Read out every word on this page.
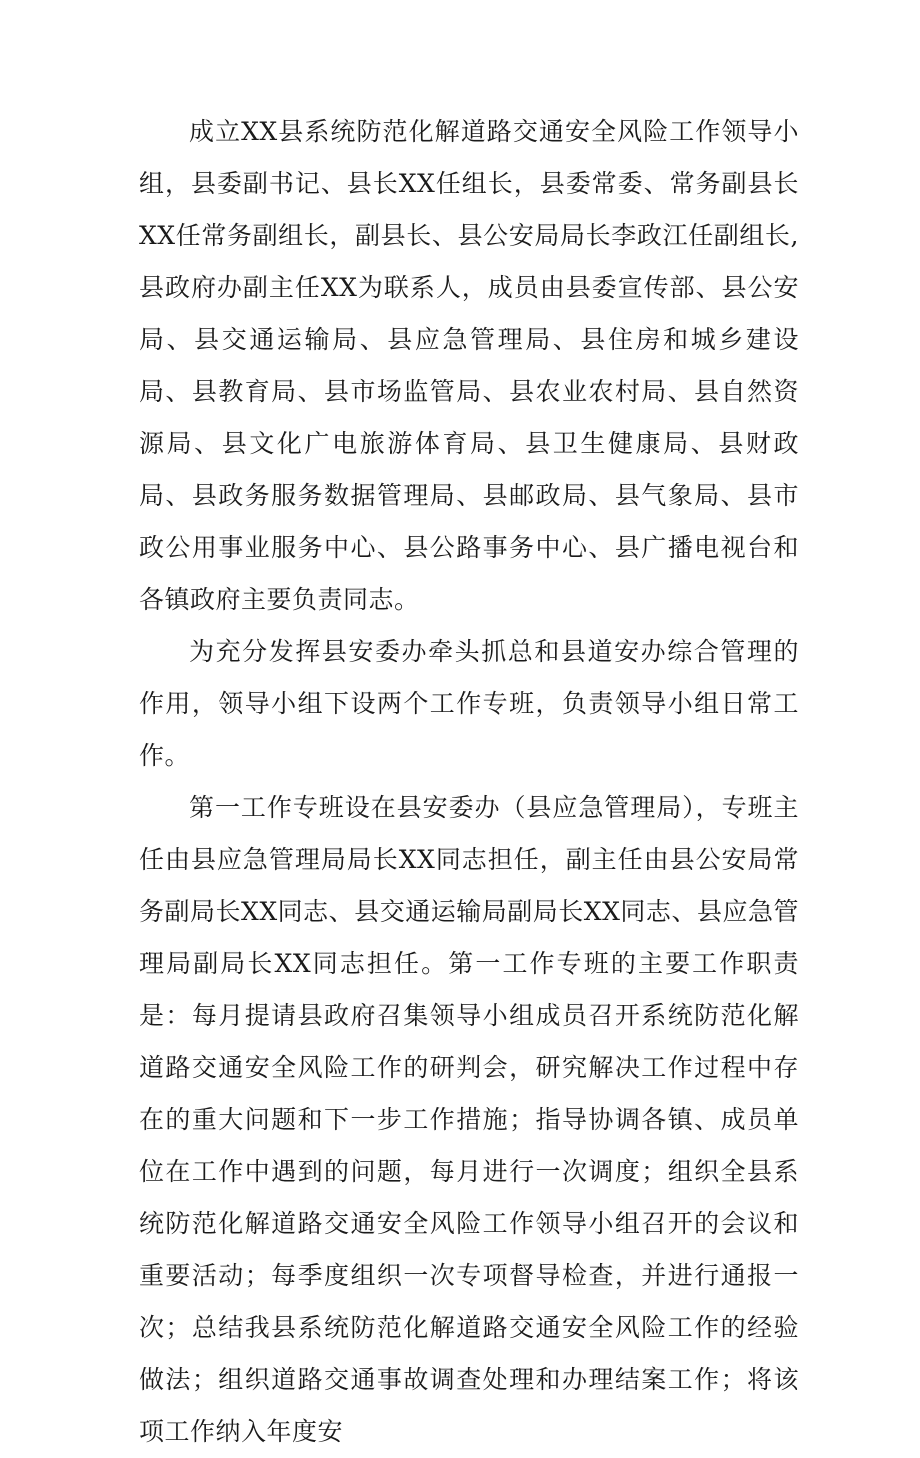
成立XX县系统防范化解道路交通安全风险工作领导小组，县委副书记、县长XX任组长，县委常委、常务副县长XX任常务副组长，副县长、县公安局局长李政江任副组长,县政府办副主任XX为联系人，成员由县委宣传部、县公安局、县交通运输局、县应急管理局、县住房和城乡建设局、县教育局、县市场监管局、县农业农村局、县自然资源局、县文化广电旅游体育局、县卫生健康局、县财政局、县政务服务数据管理局、县邮政局、县气象局、县市政公用事业服务中心、县公路事务中心、县广播电视台和各镇政府主要负责同志。

为充分发挥县安委办牵头抓总和县道安办综合管理的作用，领导小组下设两个工作专班，负责领导小组日常工作。

第一工作专班设在县安委办（县应急管理局），专班主任由县应急管理局局长XX同志担任，副主任由县公安局常务副局长XX同志、县交通运输局副局长XX同志、县应急管理局副局长XX同志担任。第一工作专班的主要工作职责是：每月提请县政府召集领导小组成员召开系统防范化解道路交通安全风险工作的研判会，研究解决工作过程中存在的重大问题和下一步工作措施；指导协调各镇、成员单位在工作中遇到的问题，每月进行一次调度；组织全县系统防范化解道路交通安全风险工作领导小组召开的会议和重要活动；每季度组织一次专项督导检查，并进行通报一次；总结我县系统防范化解道路交通安全风险工作的经验做法；组织道路交通事故调查处理和办理结案工作；将该项工作纳入年度安
